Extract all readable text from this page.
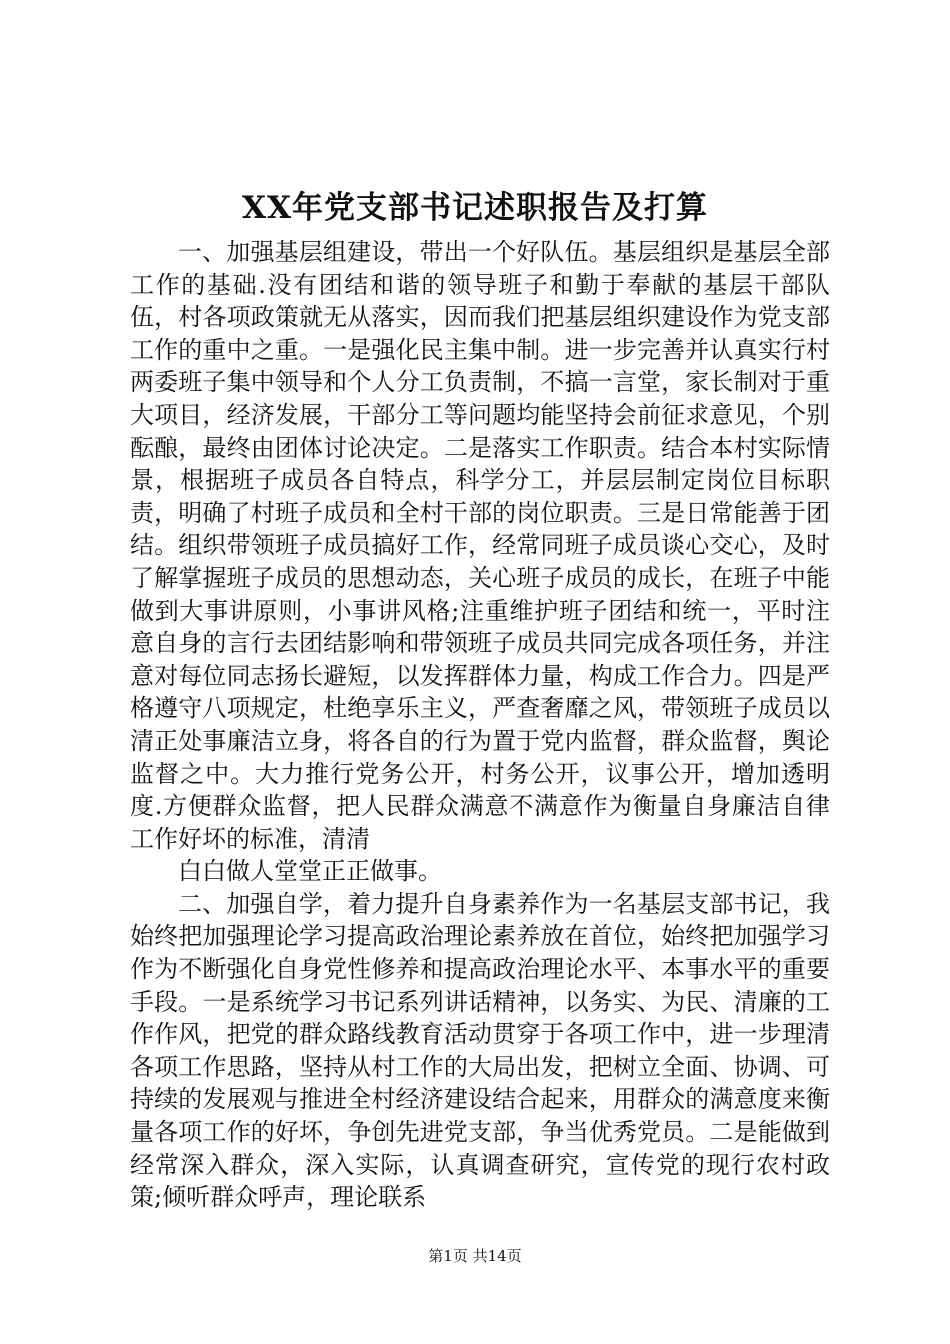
XX年党支部书记述职报告及打算

一、加强基层组建设，带出一个好队伍。基层组织是基层全部工作的基础.没有团结和谐的领导班子和勤于奉献的基层干部队伍，村各项政策就无从落实，因而我们把基层组织建设作为党支部工作的重中之重。一是强化民主集中制。进一步完善并认真实行村两委班子集中领导和个人分工负责制，不搞一言堂，家长制对于重大项目，经济发展，干部分工等问题均能坚持会前征求意见，个别酝酿，最终由团体讨论决定。二是落实工作职责。结合本村实际情景，根据班子成员各自特点，科学分工，并层层制定岗位目标职责，明确了村班子成员和全村干部的岗位职责。三是日常能善于团结。组织带领班子成员搞好工作，经常同班子成员谈心交心，及时了解掌握班子成员的思想动态，关心班子成员的成长，在班子中能做到大事讲原则，小事讲风格;注重维护班子团结和统一，平时注意自身的言行去团结影响和带领班子成员共同完成各项任务，并注意对每位同志扬长避短，以发挥群体力量，构成工作合力。四是严格遵守八项规定，杜绝享乐主义，严查奢靡之风，带领班子成员以清正处事廉洁立身，将各自的行为置于党内监督，群众监督，舆论监督之中。大力推行党务公开，村务公开，议事公开，增加透明度.方便群众监督，把人民群众满意不满意作为衡量自身廉洁自律工作好坏的标准，清清

白白做人堂堂正正做事。

二、加强自学，着力提升自身素养作为一名基层支部书记，我始终把加强理论学习提高政治理论素养放在首位，始终把加强学习作为不断强化自身党性修养和提高政治理论水平、本事水平的重要手段。一是系统学习书记系列讲话精神，以务实、为民、清廉的工作作风，把党的群众路线教育活动贯穿于各项工作中，进一步理清各项工作思路，坚持从村工作的大局出发，把树立全面、协调、可持续的发展观与推进全村经济建设结合起来，用群众的满意度来衡量各项工作的好坏，争创先进党支部，争当优秀党员。二是能做到经常深入群众，深入实际，认真调查研究，宣传党的现行农村政策;倾听群众呼声，理论联系

第1页 共14页
